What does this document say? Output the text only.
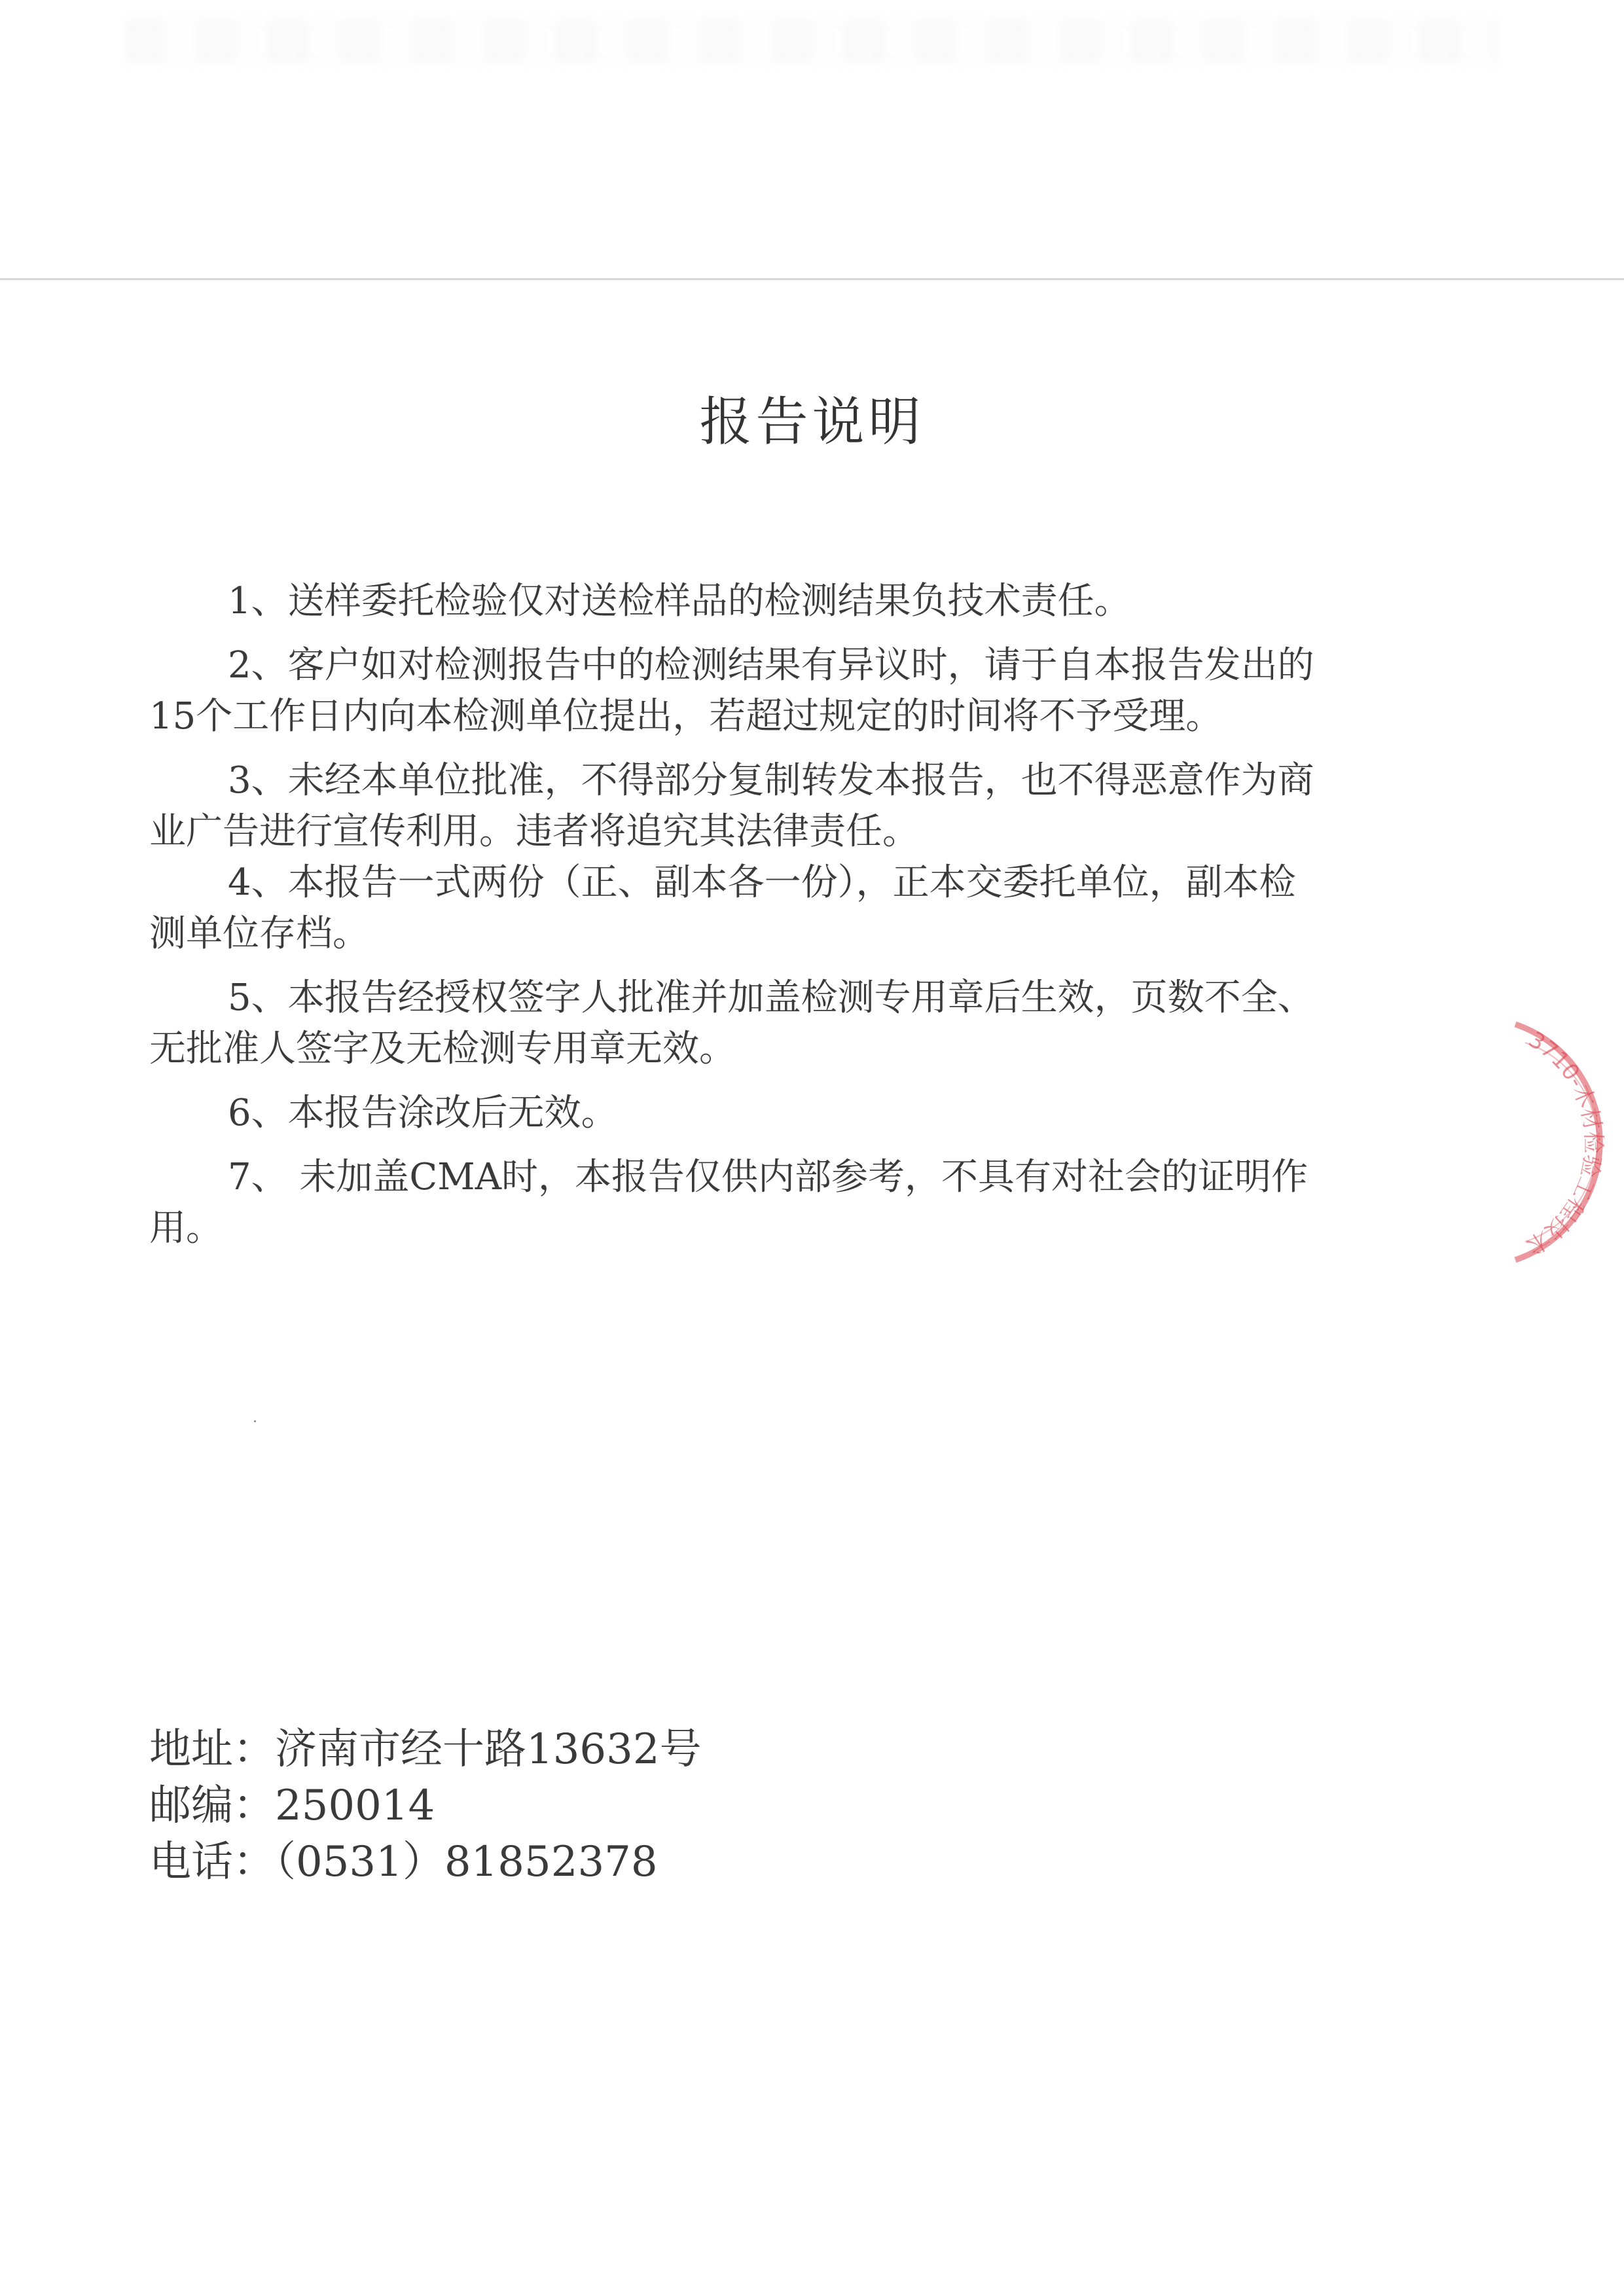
报告说明

1、送样委托检验仅对送检样品的检测结果负技术责任。

2、客户如对检测报告中的检测结果有异议时，请于自本报告发出的15个工作日内向本检测单位提出，若超过规定的时间将不予受理。

3、未经本单位批准，不得部分复制转发本报告，也不得恶意作为商业广告进行宣传利用。违者将追究其法律责任。

4、本报告一式两份（正、副本各一份），正本交委托单位，副本检测单位存档。

5、本报告经授权签字人批准并加盖检测专用章后生效，页数不全、无批准人签字及无检测专用章无效。

6、本报告涂改后无效。

7、 未加盖CMA时，本报告仅供内部参考，不具有对社会的证明作用。

地址：济南市经十路13632号
邮编：250014
电话：（0531）81852378
3710-木材检验工程技术
